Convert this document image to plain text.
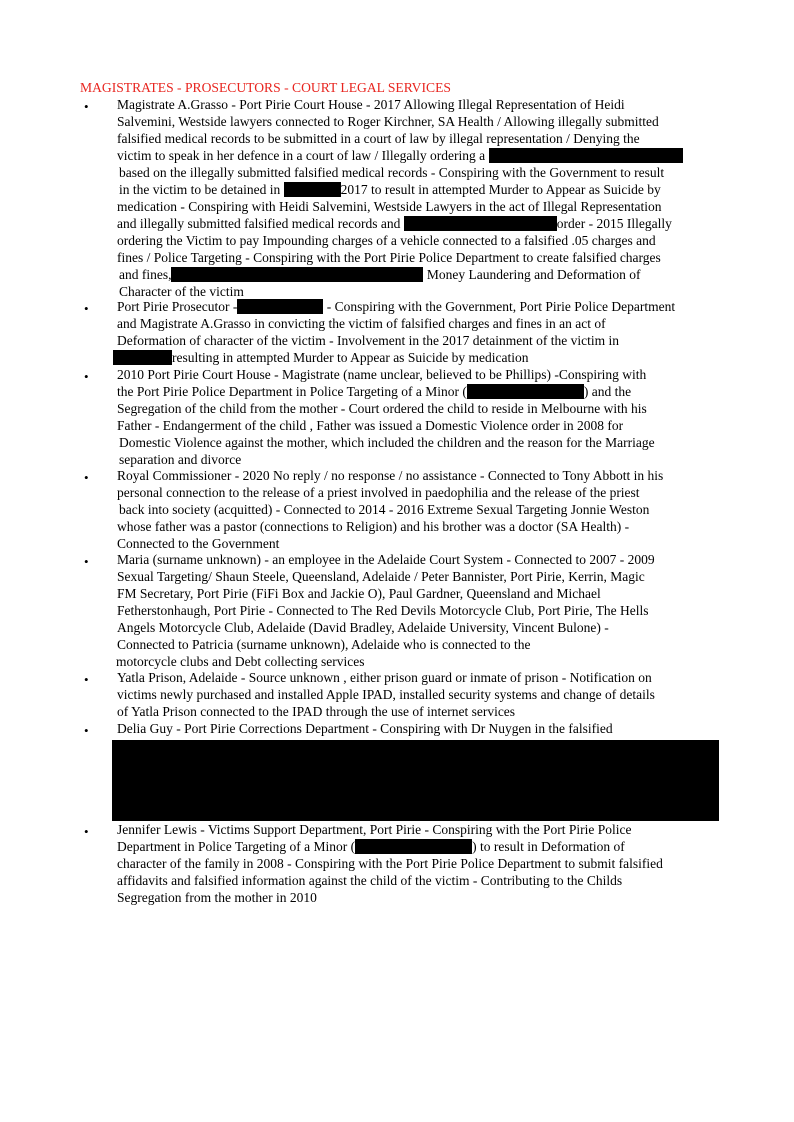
MAGISTRATES - PROSECUTORS - COURT LEGAL SERVICES
• Magistrate A.Grasso - Port Pirie Court House - 2017 Allowing Illegal Representation of Heidi
Salvemini, Westside lawyers connected to Roger Kirchner, SA Health / Allowing illegally submitted
falsified medical records to be submitted in a court of law by illegal representation / Denying the
victim to speak in her defence in a court of law / Illegally ordering a
based on the illegally submitted falsified medical records - Conspiring with the Government to result
in the victim to be detained in	2017 to result in attempted Murder to Appear as Suicide by
medication - Conspiring with Heidi Salvemini, Westside Lawyers in the act of Illegal Representation
and illegally submitted falsified medical records and	order - 2015 Illegally
ordering the Victim to pay Impounding charges of a vehicle connected to a falsified .05 charges and
fines / Police Targeting - Conspiring with the Port Pirie Police Department to create falsified charges
and fines,	Money Laundering and Deformation of
Character of the victim
• Port Pirie Prosecutor -	- Conspiring with the Government, Port Pirie Police Department
and Magistrate A.Grasso in convicting the victim of falsified charges and fines in an act of
Deformation of character of the victim - Involvement in the 2017 detainment of the victim in
resulting in attempted Murder to Appear as Suicide by medication
• 2010 Port Pirie Court House - Magistrate (name unclear, believed to be Phillips) -Conspiring with
the Port Pirie Police Department in Police Targeting of a Minor (	) and the
Segregation of the child from the mother - Court ordered the child to reside in Melbourne with his
Father - Endangerment of the child , Father was issued a Domestic Violence order in 2008 for
Domestic Violence against the mother, which included the children and the reason for the Marriage
separation and divorce
• Royal Commissioner - 2020 No reply / no response / no assistance - Connected to Tony Abbott in his
personal connection to the release of a priest involved in paedophilia and the release of the priest
back into society (acquitted) - Connected to 2014 - 2016 Extreme Sexual Targeting Jonnie Weston
whose father was a pastor (connections to Religion) and his brother was a doctor (SA Health) -
Connected to the Government
• Maria (surname unknown) - an employee in the Adelaide Court System - Connected to 2007 - 2009
Sexual Targeting/ Shaun Steele, Queensland, Adelaide / Peter Bannister, Port Pirie, Kerrin, Magic
FM Secretary, Port Pirie (FiFi Box and Jackie O), Paul Gardner, Queensland and Michael
Fetherstonhaugh, Port Pirie - Connected to The Red Devils Motorcycle Club, Port Pirie, The Hells
Angels Motorcycle Club, Adelaide (David Bradley, Adelaide University, Vincent Bulone) -
Connected to Patricia (surname unknown), Adelaide who is connected to the
motorcycle clubs and Debt collecting services
• Yatla Prison, Adelaide - Source unknown , either prison guard or inmate of prison - Notification on
victims newly purchased and installed Apple IPAD, installed security systems and change of details
of Yatla Prison connected to the IPAD through the use of internet services
• Delia Guy - Port Pirie Corrections Department - Conspiring with Dr Nuygen in the falsified
• Jennifer Lewis - Victims Support Department, Port Pirie - Conspiring with the Port Pirie Police
Department in Police Targeting of a Minor (	) to result in Deformation of
character of the family in 2008 - Conspiring with the Port Pirie Police Department to submit falsified
affidavits and falsified information against the child of the victim - Contributing to the Childs
Segregation from the mother in 2010
